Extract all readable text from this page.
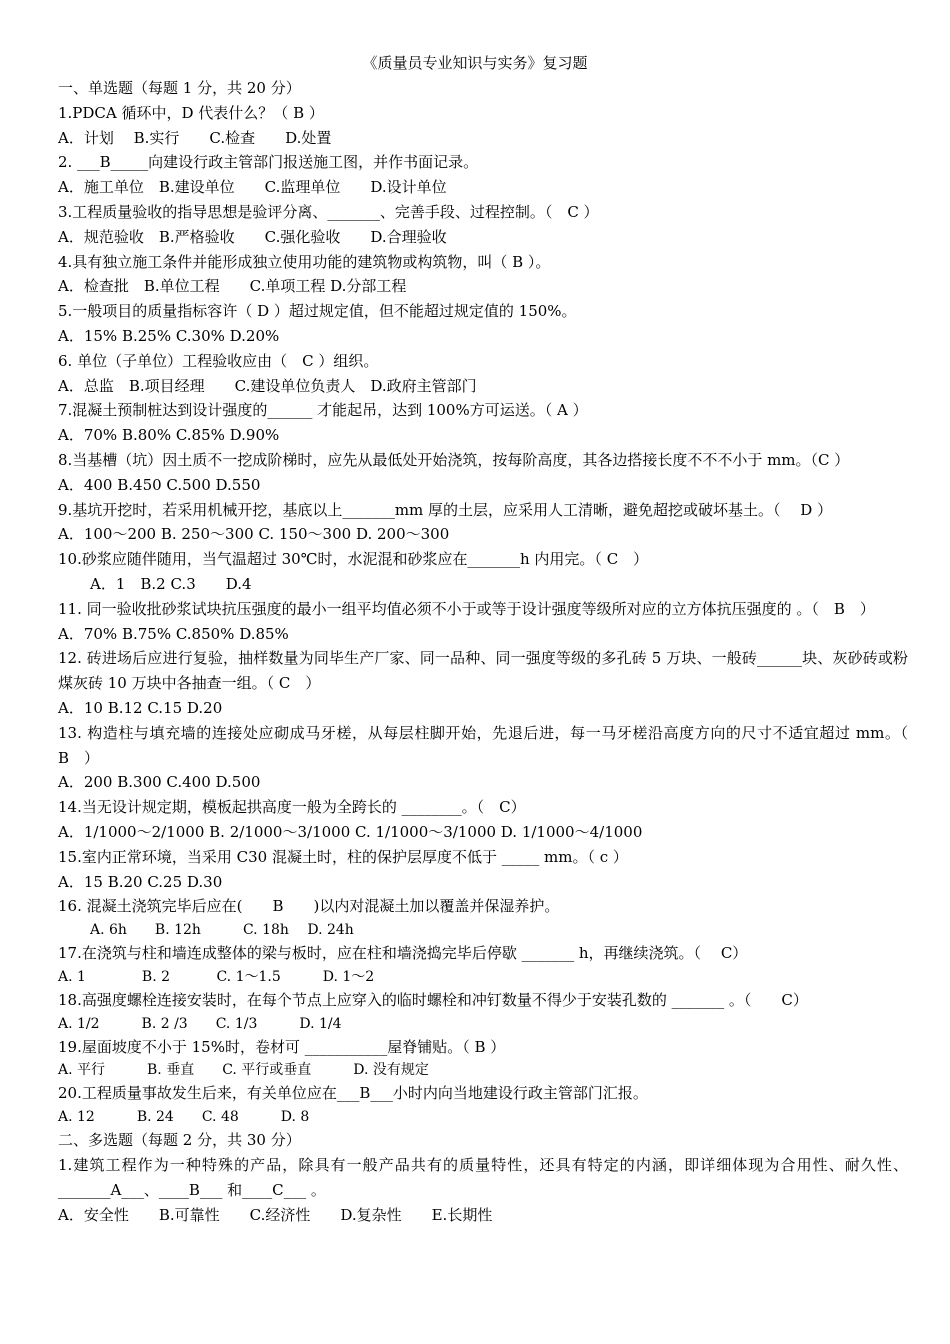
《质量员专业知识与实务》复习题
一、单选题（每题 1 分，共 20 分）
1.PDCA 循环中，D 代表什么？（ B ）
A．计划　 B.实行　　C.检查　　D.处置
2. ___B_____向建设行政主管部门报送施工图，并作书面记录。
A．施工单位　B.建设单位　　C.监理单位　　D.设计单位
3.工程质量验收的指导思想是验评分离、_______、完善手段、过程控制。（　C ）
A．规范验收　B.严格验收　　C.强化验收　　D.合理验收
4.具有独立施工条件并能形成独立使用功能的建筑物或构筑物，叫（ B ）。
A．检查批　B.单位工程　　C.单项工程 D.分部工程
5.一般项目的质量指标容许（ D ）超过规定值，但不能超过规定值的 150%。
A．15% B.25% C.30% D.20%
6. 单位（子单位）工程验收应由（　C ）组织。
A．总监　B.项目经理　　C.建设单位负责人　D.政府主管部门
7.混凝土预制桩达到设计强度的______ 才能起吊，达到 100%方可运送。（ A ）
A．70% B.80% C.85% D.90%
8.当基槽（坑）因土质不一挖成阶梯时，应先从最低处开始浇筑，按每阶高度，其各边搭接长度不不不小于 mm。（C ）
A．400 B.450 C.500 D.550
9.基坑开挖时，若采用机械开挖，基底以上_______mm 厚的土层，应采用人工清晰，避免超挖或破坏基土。（　 D ）
A．100～200 B. 250～300 C. 150～300 D. 200～300
10.砂浆应随伴随用，当气温超过 30℃时，水泥混和砂浆应在_______h 内用完。（ C　）
A．1　B.2 C.3　　D.4
11. 同一验收批砂浆试块抗压强度的最小一组平均值必须不小于或等于设计强度等级所对应的立方体抗压强度的 。（　B　）
A．70% B.75% C.850% D.85%
12. 砖进场后应进行复验，抽样数量为同毕生产厂家、同一品种、同一强度等级的多孔砖 5 万块、一般砖______块、灰砂砖或粉煤灰砖 10 万块中各抽查一组。（ C　）
A．10 B.12 C.15 D.20
13. 构造柱与填充墙的连接处应砌成马牙槎，从每层柱脚开始，先退后进，每一马牙槎沿高度方向的尺寸不适宜超过 mm。（ B　）
A．200 B.300 C.400 D.500
14.当无设计规定期，模板起拱高度一般为全跨长的 ________。（　C）
A．1/1000～2/1000 B. 2/1000～3/1000 C. 1/1000～3/1000 D. 1/1000～4/1000
15.室内正常环境，当采用 C30 混凝土时，柱的保护层厚度不低于 _____ mm。（ c ）
A．15 B.20 C.25 D.30
16. 混凝土浇筑完毕后应在(　　B　　)以内对混凝土加以覆盖并保湿养护。
A. 6h　　B. 12h　　　C. 18h　 D. 24h
17.在浇筑与柱和墙连成整体的梁与板时，应在柱和墙浇捣完毕后停歇 _______ h，再继续浇筑。（　 C）
A. 1　　　　B. 2　　　 C. 1～1.5　　　D. 1～2
18.高强度螺栓连接安装时，在每个节点上应穿入的临时螺栓和冲钉数量不得少于安装孔数的 _______ 。（　　C）
A. 1/2　　　B. 2 /3　　C. 1/3　　　D. 1/4
19.屋面坡度不小于 15%时，卷材可 ___________屋脊铺贴。（ B ）
A. 平行　　　B. 垂直　　C. 平行或垂直　　　D. 没有规定
20.工程质量事故发生后来，有关单位应在___B___小时内向当地建设行政主管部门汇报。
A. 12　　　B. 24　　C. 48　　　D. 8
二、多选题（每题 2 分，共 30 分）
1.建筑工程作为一种特殊的产品，除具有一般产品共有的质量特性，还具有特定的内涵，即详细体现为合用性、耐久性、_______A___、____B___ 和____C___ 。
A．安全性　　B.可靠性　　C.经济性　　D.复杂性　　E.长期性
